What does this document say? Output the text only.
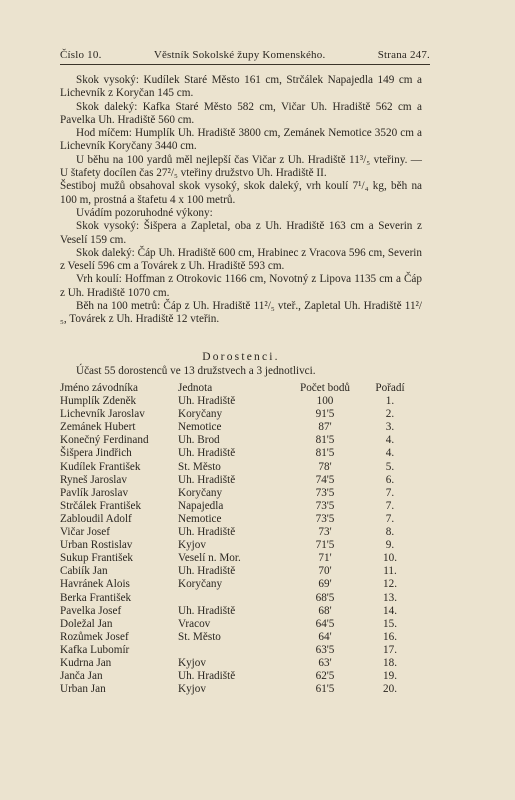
Číslo 10.	Věstník Sokolské župy Komenského.	Strana 247.

Skok vysoký: Kudílek Staré Město 161 cm, Strčálek Napajedla 149 cm a Lichevník z Koryčan 145 cm.

Skok daleký: Kafka Staré Město 582 cm, Vičar Uh. Hradiště 562 cm a Pavelka Uh. Hradiště 560 cm.

Hod míčem: Humplík Uh. Hradiště 3800 cm, Zemánek Nemotice 3520 cm a Lichevník Koryčany 3440 cm.

U běhu na 100 yardů měl nejlepší čas Vičar z Uh. Hradiště 11³/₅ vteřiny. — U štafety docílen čas 27²/₅ vteřiny družstvo Uh. Hradiště II.

Šestiboj mužů obsahoval skok vysoký, skok daleký, vrh koulí 7¹/₄ kg, běh na 100 m, prostná a štafetu 4 x 100 metrů.

Uvádím pozoruhodné výkony:

Skok vysoký: Šišpera a Zapletal, oba z Uh. Hradiště 163 cm a Severin z Veselí 159 cm.

Skok daleký: Čáp Uh. Hradiště 600 cm, Hrabinec z Vracova 596 cm, Severin z Veselí 596 cm a Továrek z Uh. Hradiště 593 cm.

Vrh koulí: Hoffman z Otrokovic 1166 cm, Novotný z Lipova 1135 cm a Čáp z Uh. Hradiště 1070 cm.

Běh na 100 metrů: Čáp z Uh. Hradiště 11²/₅ vteř., Zapletal Uh. Hradiště 11²/₅, Továrek z Uh. Hradiště 12 vteřin.

Dorostenci.
Účast 55 dorostenců ve 13 družstvech a 3 jednotlivci.
Jméno závodníka	Jednota	Počet bodů	Pořadí
Humplík Zdeněk	Uh. Hradiště	100	1.
Lichevník Jaroslav	Koryčany	91'5	2.
Zemánek Hubert	Nemotice	87'	3.
Konečný Ferdinand	Uh. Brod	81'5	4.
Šišpera Jindřich	Uh. Hradiště	81'5	4.
Kudílek František	St. Město	78'	5.
Ryneš Jaroslav	Uh. Hradiště	74'5	6.
Pavlík Jaroslav	Koryčany	73'5	7.
Strčálek František	Napajedla	73'5	7.
Zabloudil Adolf	Nemotice	73'5	7.
Vičar Josef	Uh. Hradiště	73'	8.
Urban Rostislav	Kyjov	71'5	9.
Sukup František	Veselí n. Mor.	71'	10.
Cabiík Jan	Uh. Hradiště	70'	11.
Havránek Alois	Koryčany	69'	12.
Berka František		68'5	13.
Pavelka Josef	Uh. Hradiště	68'	14.
Doležal Jan	Vracov	64'5	15.
Rozůmek Josef	St. Město	64'	16.
Kafka Lubomír		63'5	17.
Kudrna Jan	Kyjov	63'	18.
Janča Jan	Uh. Hradiště	62'5	19.
Urban Jan	Kyjov	61'5	20.
